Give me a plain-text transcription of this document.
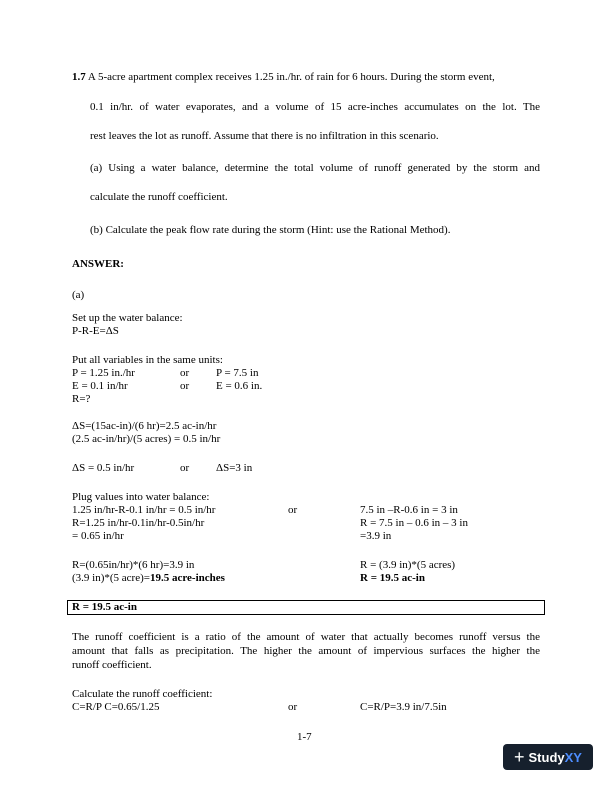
1.7 A 5-acre apartment complex receives 1.25 in./hr. of rain for 6 hours. During the storm event,
0.1 in/hr. of water evaporates, and a volume of 15 acre-inches accumulates on the lot. The
rest leaves the lot as runoff. Assume that there is no infiltration in this scenario.
(a) Using a water balance, determine the total volume of runoff generated by the storm and
calculate the runoff coefficient.
(b) Calculate the peak flow rate during the storm (Hint: use the Rational Method).
ANSWER:
(a)
Set up the water balance:
P-R-E=ΔS
Put all variables in the same units:
P = 1.25 in./hr	or P = 7.5 in
E = 0.1 in/hr	or E = 0.6 in.
R=?
ΔS=(15ac-in)/(6 hr)=2.5 ac-in/hr
(2.5 ac-in/hr)/(5 acres) = 0.5 in/hr
ΔS = 0.5 in/hr	or ΔS=3 in
Plug values into water balance:
1.25 in/hr-R-0.1 in/hr = 0.5 in/hr	or	7.5 in –R-0.6 in = 3 in
R=1.25 in/hr-0.1in/hr-0.5in/hr	R = 7.5 in – 0.6 in – 3 in
= 0.65 in/hr	=3.9 in
R=(0.65in/hr)*(6 hr)=3.9 in	R = (3.9 in)*(5 acres)
(3.9 in)*(5 acre)=19.5 acre-inches	R = 19.5 ac-in
R = 19.5 ac-in
The runoff coefficient is a ratio of the amount of water that actually becomes runoff versus the
amount that falls as precipitation. The higher the amount of impervious surfaces the higher the
runoff coefficient.
Calculate the runoff coefficient:
C=R/P C=0.65/1.25	or	C=R/P=3.9 in/7.5in
1-7
+ Study XY
